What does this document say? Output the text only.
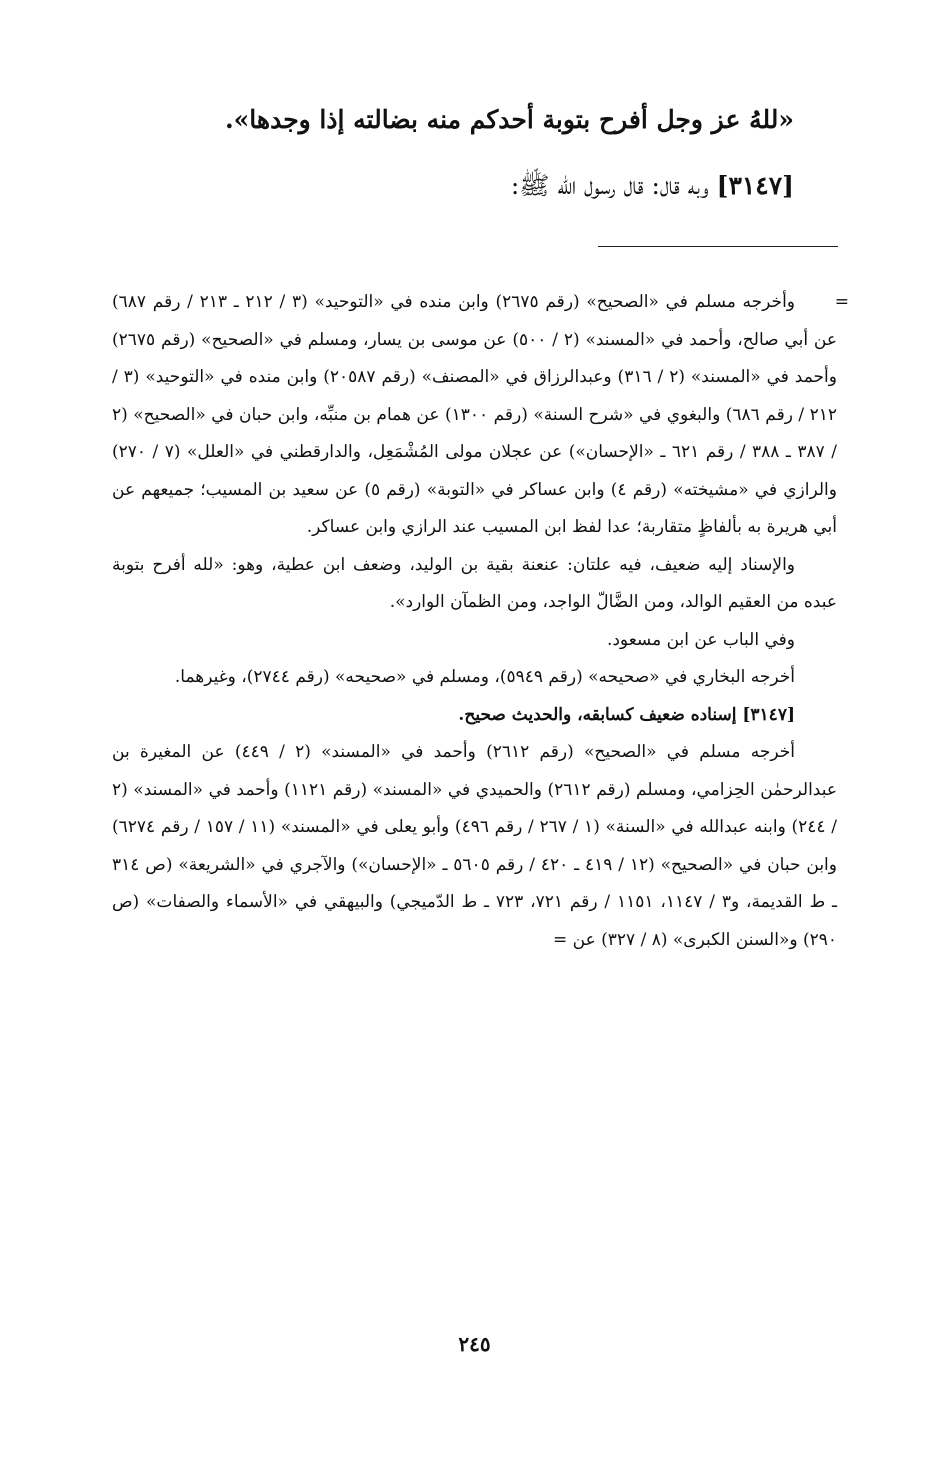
«للهُ عز وجل أفرح بتوبة أحدكم منه بضالته إذا وجدها».
[٣١٤٧] وبه قال: قال رسول الله ﷺ:
=

وأخرجه مسلم في «الصحيح» (رقم ٢٦٧٥) وابن منده في «التوحيد» (٣ / ٢١٢ ـ ٢١٣ / رقم ٦٨٧) عن أبي صالح، وأحمد في «المسند» (٢ / ٥٠٠) عن موسى بن يسار، ومسلم في «الصحيح» (رقم ٢٦٧٥) وأحمد في «المسند» (٢ / ٣١٦) وعبدالرزاق في «المصنف» (رقم ٢٠٥٨٧) وابن منده في «التوحيد» (٣ / ٢١٢ / رقم ٦٨٦) والبغوي في «شرح السنة» (رقم ١٣٠٠) عن همام بن منبِّه، وابن حبان في «الصحيح» (٢ / ٣٨٧ ـ ٣٨٨ / رقم ٦٢١ ـ «الإحسان») عن عجلان مولى المُشْمَعِل، والدارقطني في «العلل» (٧ / ٢٧٠) والرازي في «مشيخته» (رقم ٤) وابن عساكر في «التوبة» (رقم ٥) عن سعيد بن المسيب؛ جميعهم عن أبي هريرة به بألفاظٍ متقاربة؛ عدا لفظ ابن المسيب عند الرازي وابن عساكر.

والإسناد إليه ضعيف، فيه علتان: عنعنة بقية بن الوليد، وضعف ابن عطية، وهو: «لله أفرح بتوبة عبده من العقيم الوالد، ومن الضَّالّ الواجد، ومن الظمآن الوارد».

وفي الباب عن ابن مسعود.

أخرجه البخاري في «صحيحه» (رقم ٥٩٤٩)، ومسلم في «صحيحه» (رقم ٢٧٤٤)، وغيرهما.

[٣١٤٧] إسناده ضعيف كسابقه، والحديث صحيح.

أخرجه مسلم في «الصحيح» (رقم ٢٦١٢) وأحمد في «المسند» (٢ / ٤٤٩) عن المغيرة بن عبدالرحمٰن الحِزامي، ومسلم (رقم ٢٦١٢) والحميدي في «المسند» (رقم ١١٢١) وأحمد في «المسند» (٢ / ٢٤٤) وابنه عبدالله في «السنة» (١ / ٢٦٧ / رقم ٤٩٦) وأبو يعلى في «المسند» (١١ / ١٥٧ / رقم ٦٢٧٤) وابن حبان في «الصحيح» (١٢ / ٤١٩ ـ ٤٢٠ / رقم ٥٦٠٥ ـ «الإحسان») والآجري في «الشريعة» (ص ٣١٤ ـ ط القديمة، و٣ / ١١٤٧، ١١٥١ / رقم ٧٢١، ٧٢٣ ـ ط الدّميجي) والبيهقي في «الأسماء والصفات» (ص ٢٩٠) و«السنن الكبرى» (٨ / ٣٢٧) عن =

٢٤٥
